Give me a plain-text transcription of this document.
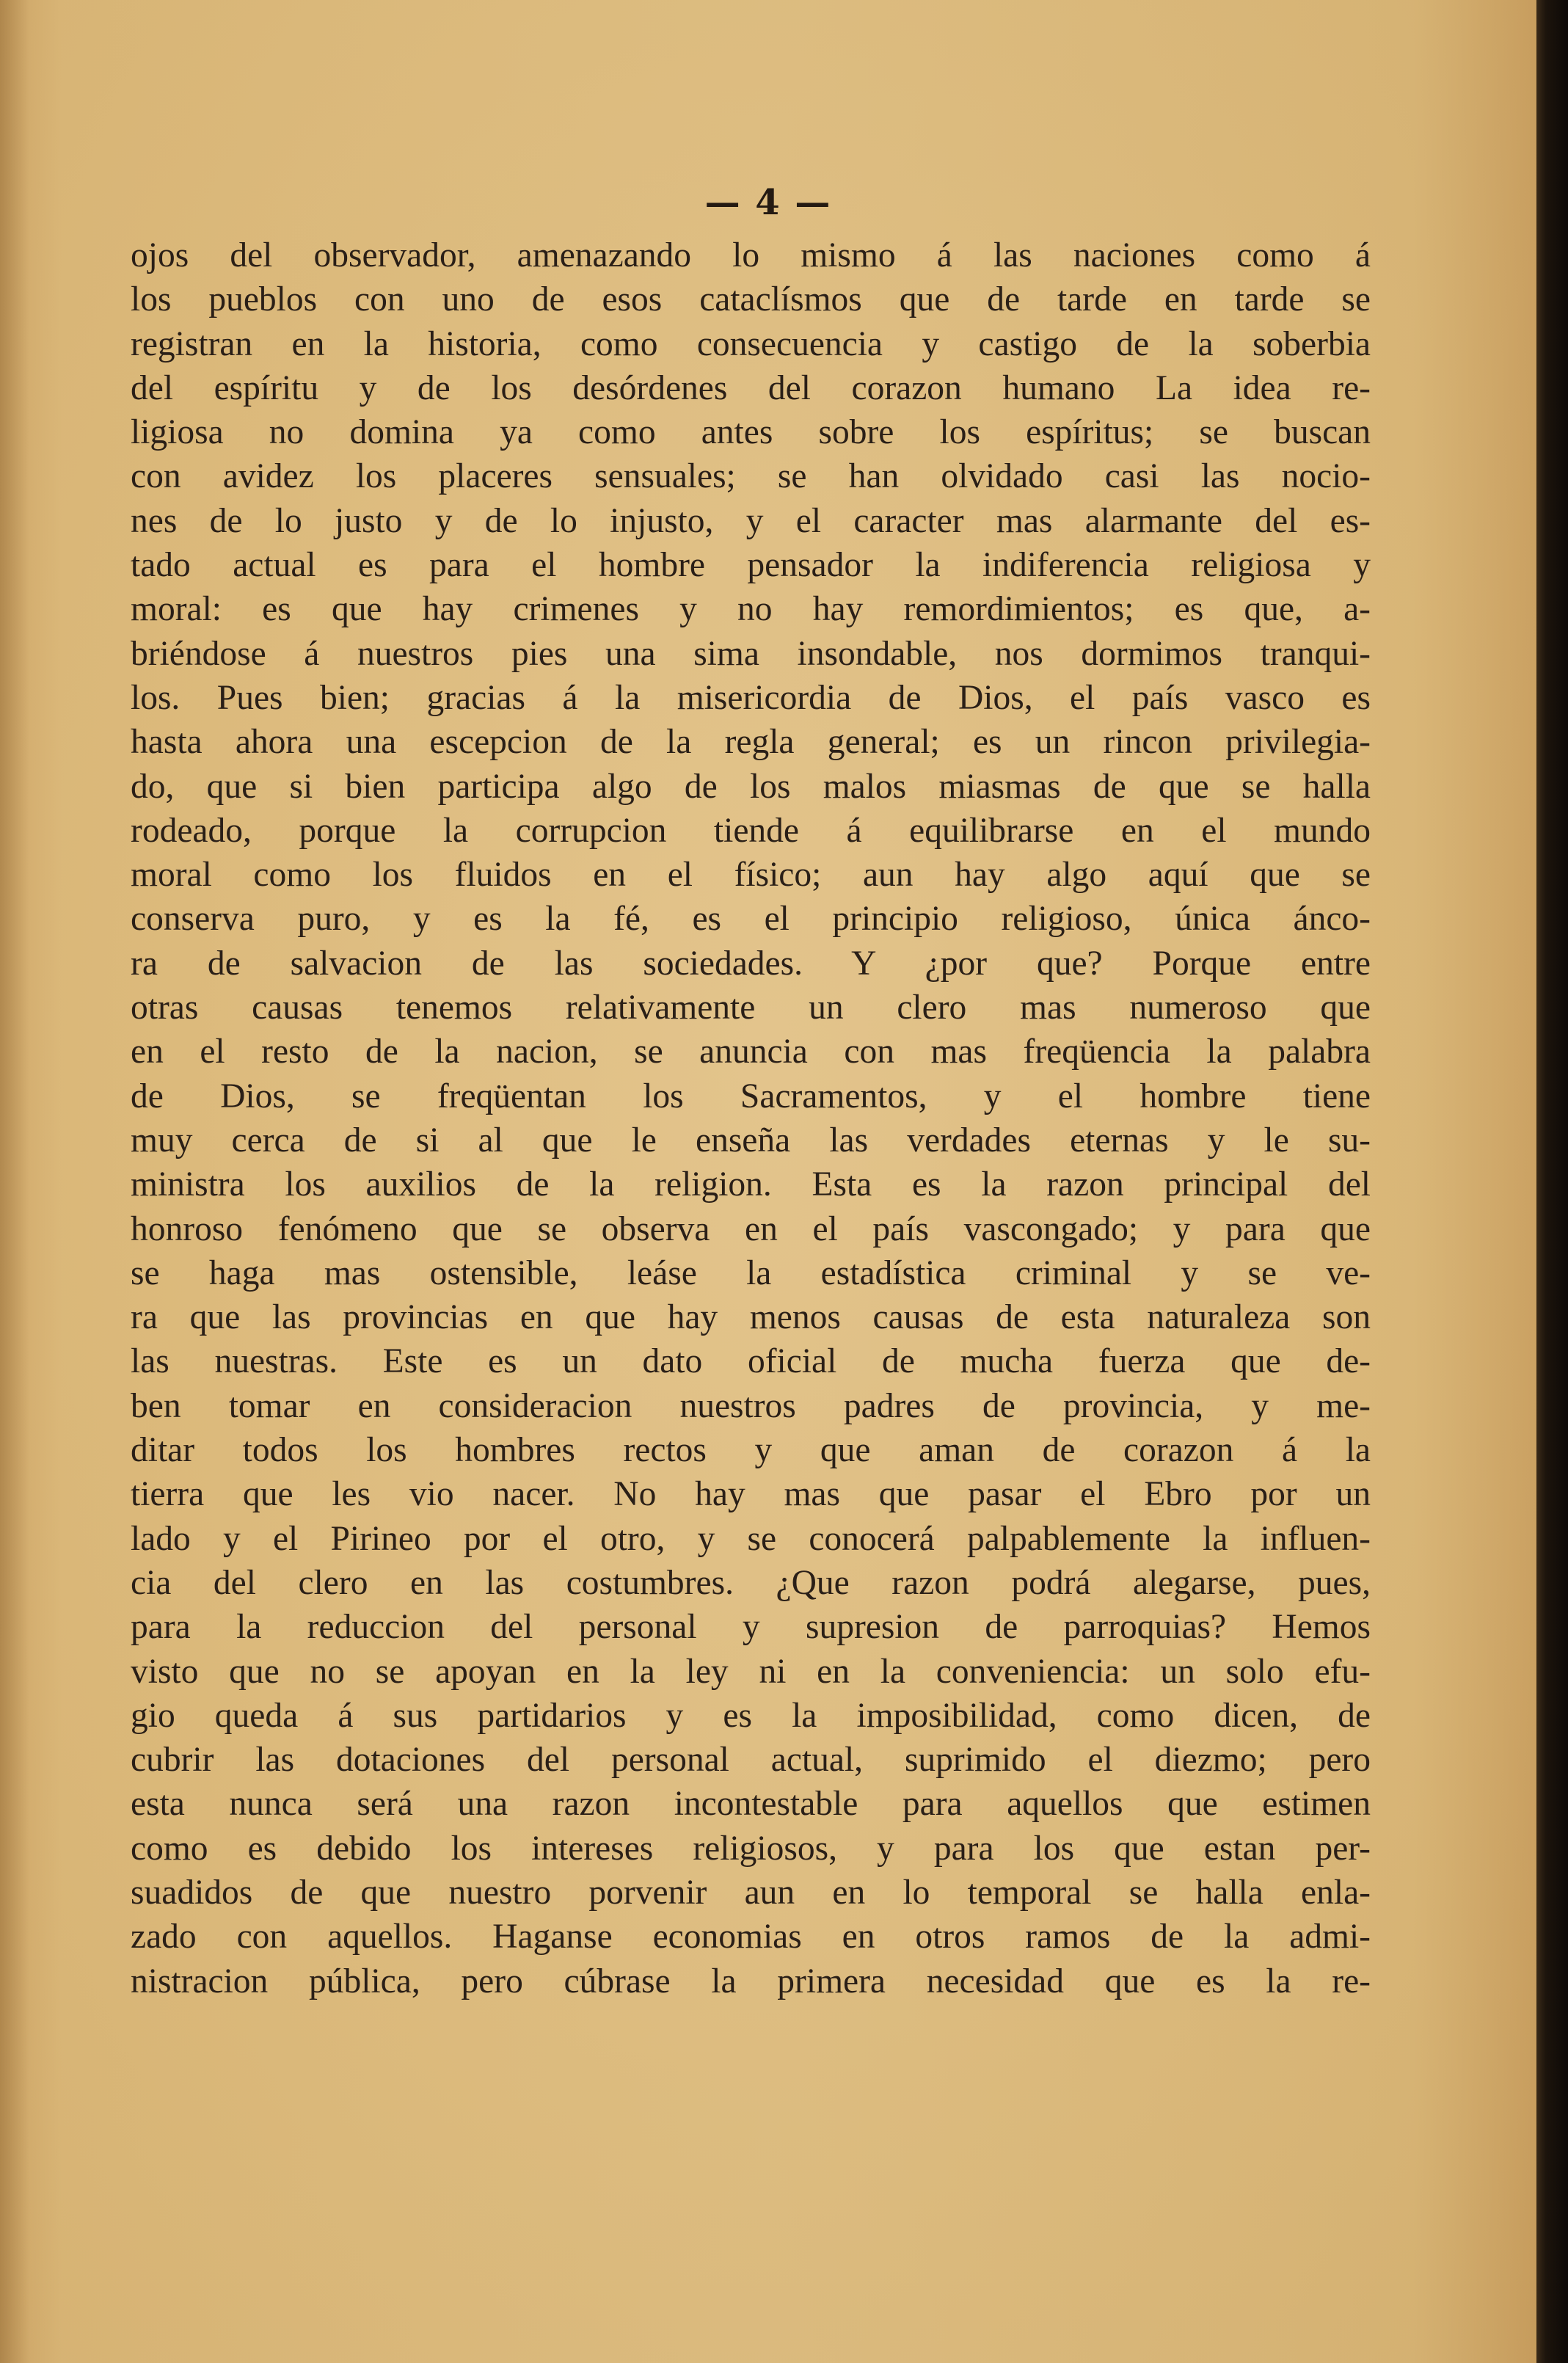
— 4 —
ojos del observador, amenazando lo mismo á las naciones como á
los pueblos con uno de esos cataclísmos que de tarde en tarde se
registran en la historia, como consecuencia y castigo de la soberbia
del espíritu y de los desórdenes del corazon humano La idea re-
ligiosa no domina ya como antes sobre los espíritus; se buscan
con avidez los placeres sensuales; se han olvidado casi las nocio-
nes de lo justo y de lo injusto, y el caracter mas alarmante del es-
tado actual es para el hombre pensador la indiferencia religiosa y
moral: es que hay crimenes y no hay remordimientos; es que, a-
briéndose á nuestros pies una sima insondable, nos dormimos tranqui-
los. Pues bien; gracias á la misericordia de Dios, el país vasco es
hasta ahora una escepcion de la regla general; es un rincon privilegia-
do, que si bien participa algo de los malos miasmas de que se halla
rodeado, porque la corrupcion tiende á equilibrarse en el mundo
moral como los fluidos en el físico; aun hay algo aquí que se
conserva puro, y es la fé, es el principio religioso, única ánco-
ra de salvacion de las sociedades. Y ¿por que? Porque entre
otras causas tenemos relativamente un clero mas numeroso que
en el resto de la nacion, se anuncia con mas freqüencia la palabra
de Dios, se freqüentan los Sacramentos, y el hombre tiene
muy cerca de si al que le enseña las verdades eternas y le su-
ministra los auxilios de la religion. Esta es la razon principal del
honroso fenómeno que se observa en el país vascongado; y para que
se haga mas ostensible, leáse la estadística criminal y se ve-
ra que las provincias en que hay menos causas de esta naturaleza son
las nuestras. Este es un dato oficial de mucha fuerza que de-
ben tomar en consideracion nuestros padres de provincia, y me-
ditar todos los hombres rectos y que aman de corazon á la
tierra que les vio nacer. No hay mas que pasar el Ebro por un
lado y el Pirineo por el otro, y se conocerá palpablemente la influen-
cia del clero en las costumbres. ¿Que razon podrá alegarse, pues,
para la reduccion del personal y supresion de parroquias? Hemos
visto que no se apoyan en la ley ni en la conveniencia: un solo efu-
gio queda á sus partidarios y es la imposibilidad, como dicen, de
cubrir las dotaciones del personal actual, suprimido el diezmo; pero
esta nunca será una razon incontestable para aquellos que estimen
como es debido los intereses religiosos, y para los que estan per-
suadidos de que nuestro porvenir aun en lo temporal se halla enla-
zado con aquellos. Haganse economias en otros ramos de la admi-
nistracion pública, pero cúbrase la primera necesidad que es la re-
